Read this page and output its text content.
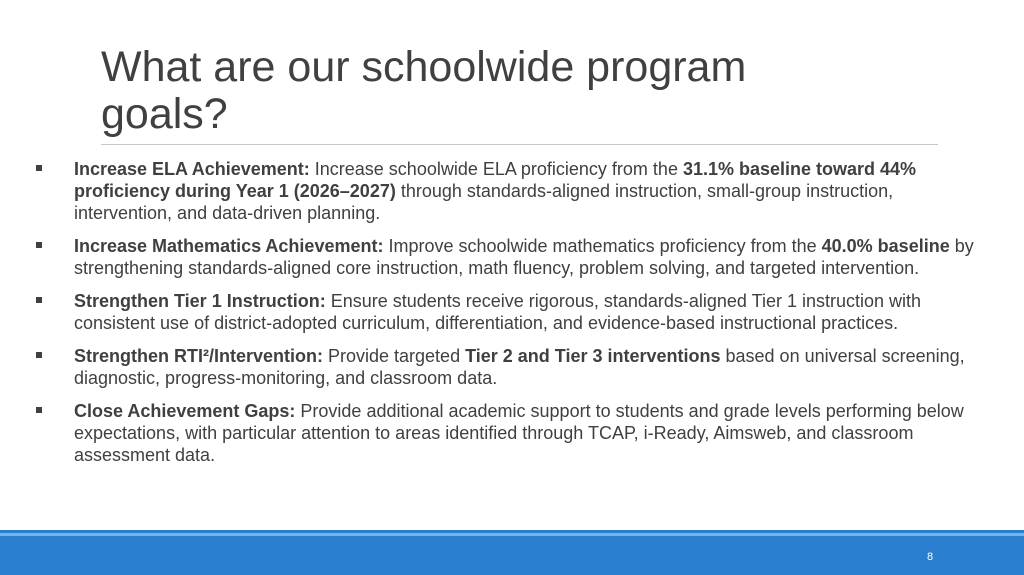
What are our schoolwide program goals?
Increase ELA Achievement: Increase schoolwide ELA proficiency from the 31.1% baseline toward 44% proficiency during Year 1 (2026–2027) through standards-aligned instruction, small-group instruction, intervention, and data-driven planning.
Increase Mathematics Achievement: Improve schoolwide mathematics proficiency from the 40.0% baseline by strengthening standards-aligned core instruction, math fluency, problem solving, and targeted intervention.
Strengthen Tier 1 Instruction: Ensure students receive rigorous, standards-aligned Tier 1 instruction with consistent use of district-adopted curriculum, differentiation, and evidence-based instructional practices.
Strengthen RTI²/Intervention: Provide targeted Tier 2 and Tier 3 interventions based on universal screening, diagnostic, progress-monitoring, and classroom data.
Close Achievement Gaps: Provide additional academic support to students and grade levels performing below expectations, with particular attention to areas identified through TCAP, i-Ready, Aimsweb, and classroom assessment data.
8
